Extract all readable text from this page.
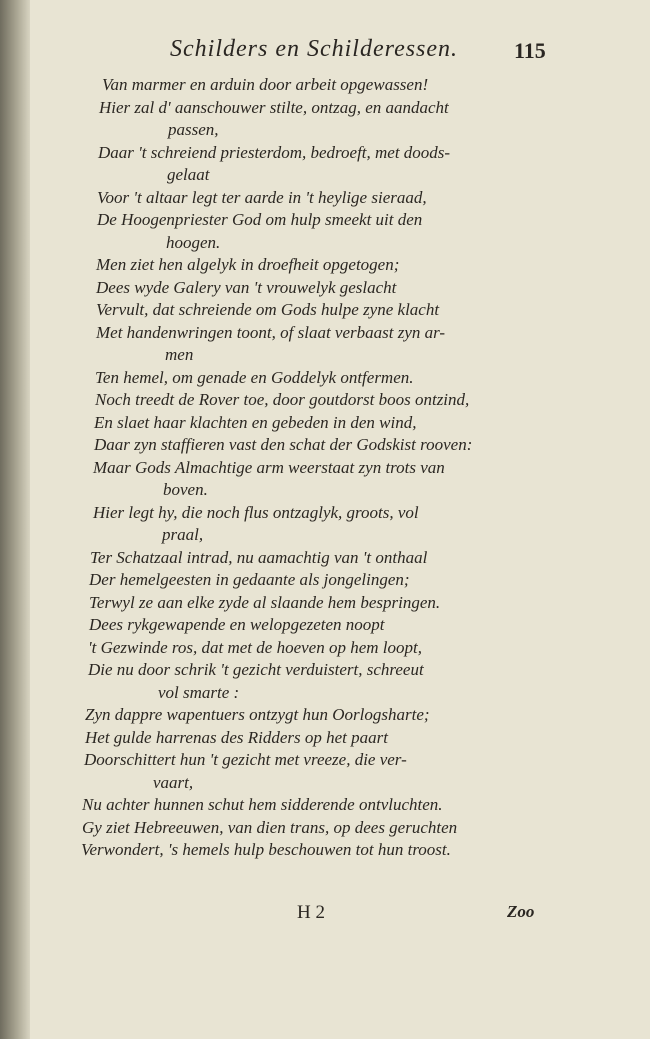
Schilders en Schilderessen.	115
Van marmer en arduin door arbeit opgewassen!
Hier zal d' aanschouwer stilte, ontzag, en aandacht
passen,
Daar 't schreiend priesterdom, bedroeft, met doods-
gelaat
Voor 't altaar legt ter aarde in 't heylige sieraad,
De Hoogenpriester God om hulp smeekt uit den
hoogen.
Men ziet hen algelyk in droefheit opgetogen;
Dees wyde Galery van 't vrouwelyk geslacht
Vervult, dat schreiende om Gods hulpe zyne klacht
Met handenwringen toont, of slaat verbaast zyn ar-
men
Ten hemel, om genade en Goddelyk ontfermen.
Noch treedt de Rover toe, door goutdorst boos ontzind,
En slaet haar klachten en gebeden in den wind,
Daar zyn staffieren vast den schat der Godskist rooven:
Maar Gods Almachtige arm weerstaat zyn trots van
boven.
Hier legt hy, die noch flus ontzaglyk, groots, vol
praal,
Ter Schatzaal intrad, nu aamachtig van 't onthaal
Der hemelgeesten in gedaante als jongelingen;
Terwyl ze aan elke zyde al slaande hem bespringen.
Dees rykgewapende en welopgezeten noopt
't Gezwinde ros, dat met de hoeven op hem loopt,
Die nu door schrik 't gezicht verduistert, schreeut
vol smarte :
Zyn dappre wapentuers ontzygt hun Oorlogsharte;
Het gulde harrenas des Ridders op het paart
Doorschittert hun 't gezicht met vreeze, die ver-
vaart,
Nu achter hunnen schut hem sidderende ontvluchten.
Gy ziet Hebreeuwen, van dien trans, op dees geruchten
Verwondert, 's hemels hulp beschouwen tot hun troost.
H 2	Zoo
